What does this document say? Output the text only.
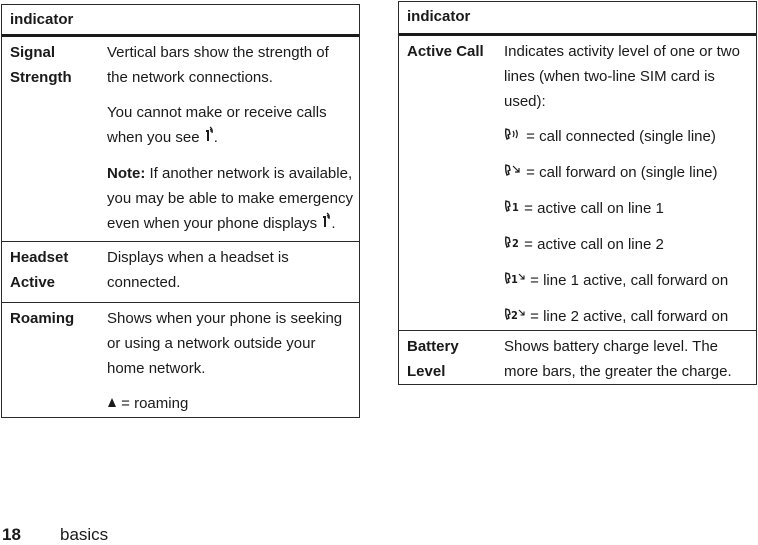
indicator
Signal
Strength

Vertical bars show the strength of the network connections.

You cannot make or receive calls when you see .

Note: If another network is available, you may be able to make emergency even when your phone displays .

Headset
Active
Displays when a headset is connected.
Roaming	Shows when your phone is seeking or using a network outside your home network.

= roaming

indicator
Active Call	Indicates activity level of one or two lines (when two-line SIM card is used):

= call connected (single line)

= call forward on (single line)

1 = active call on line 1

2 = active call on line 2

1 = line 1 active, call forward on

2 = line 2 active, call forward on

Battery
Level
Shows battery charge level. The more bars, the greater the charge.
18 basics
